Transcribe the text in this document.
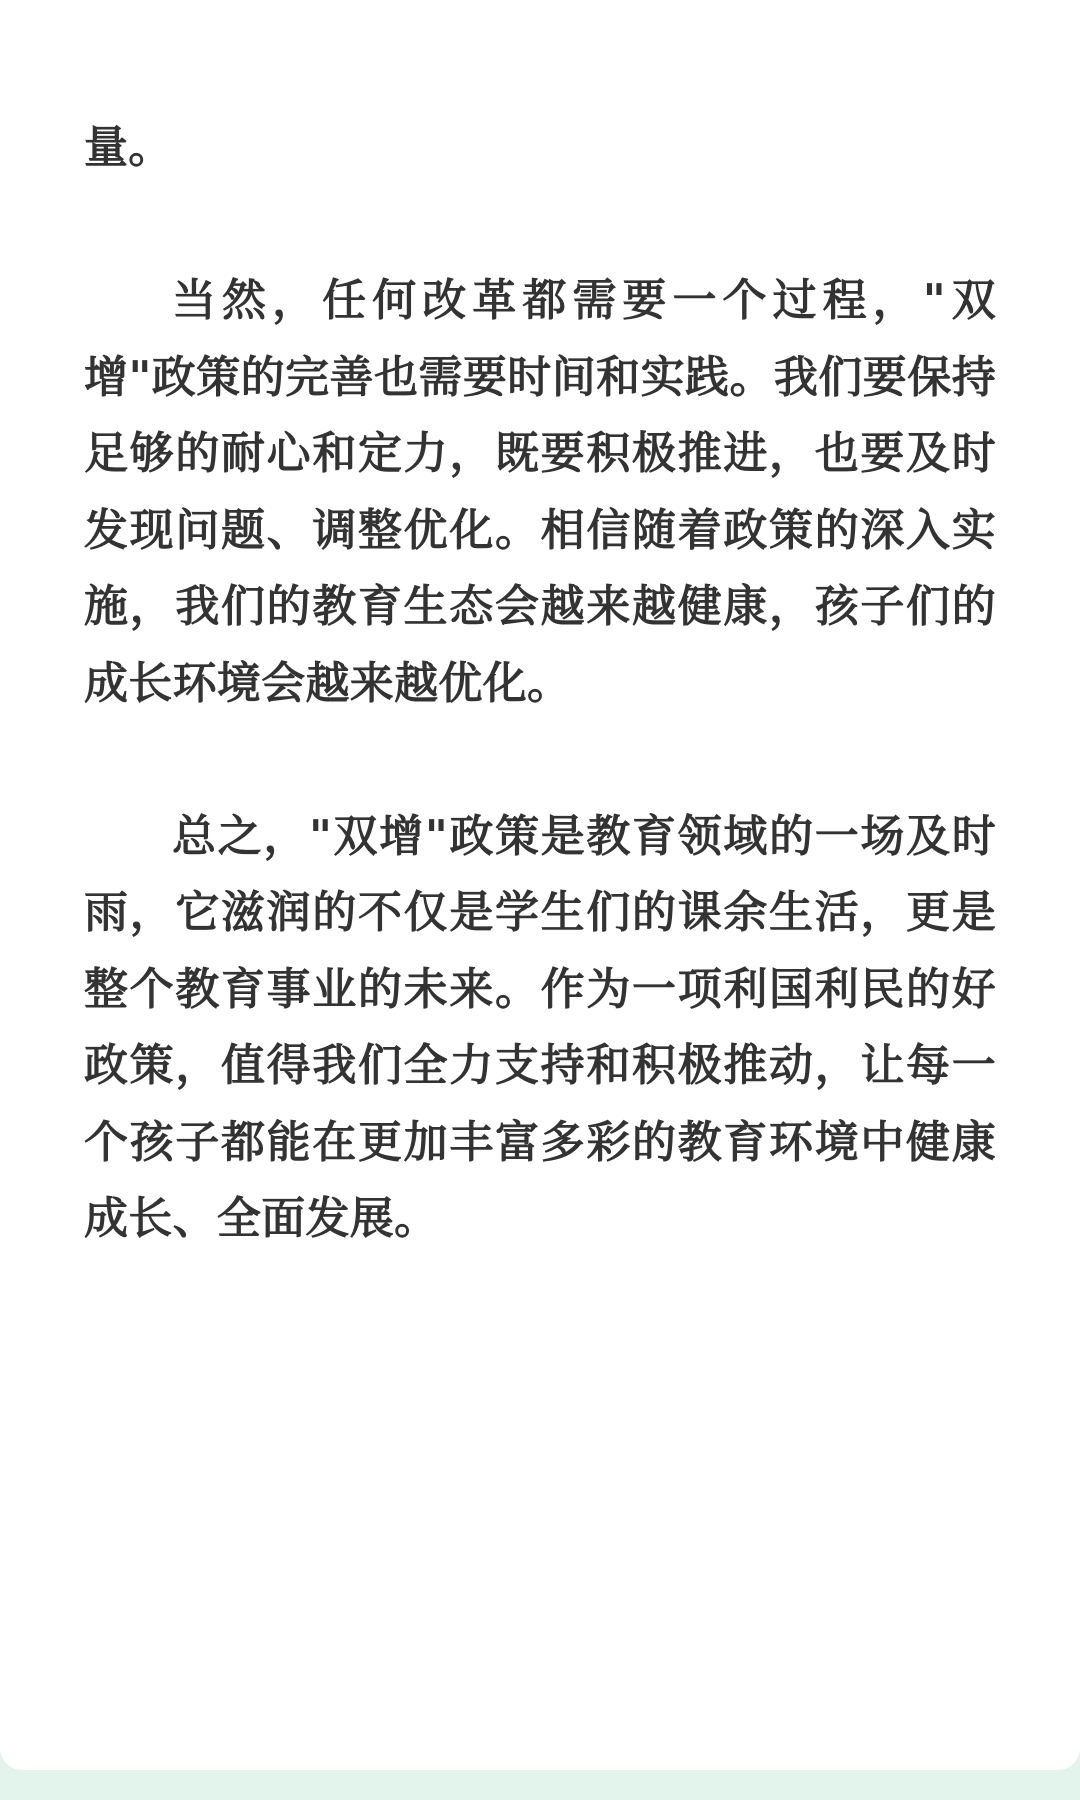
量。

当然，任何改革都需要一个过程，"双增"政策的完善也需要时间和实践。我们要保持足够的耐心和定力，既要积极推进，也要及时发现问题、调整优化。相信随着政策的深入实施，我们的教育生态会越来越健康，孩子们的成长环境会越来越优化。

总之，"双增"政策是教育领域的一场及时雨，它滋润的不仅是学生们的课余生活，更是整个教育事业的未来。作为一项利国利民的好政策，值得我们全力支持和积极推动，让每一个孩子都能在更加丰富多彩的教育环境中健康成长、全面发展。
